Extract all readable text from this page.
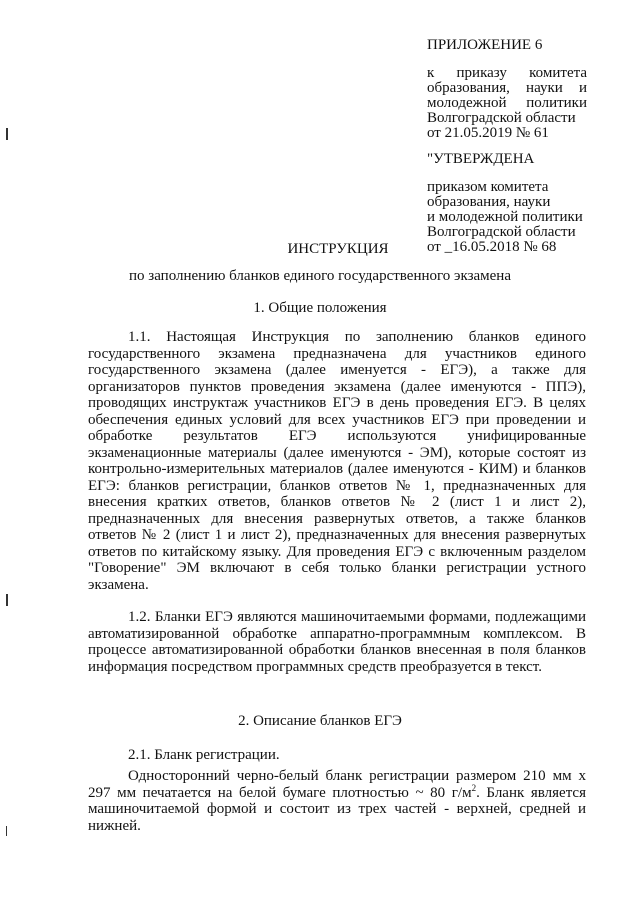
ПРИЛОЖЕНИЕ 6
к приказу комитета
образования, науки и
молодежной политики
Волгоградской области
от 21.05.2019 № 61
"УТВЕРЖДЕНА
приказом комитета
образования, науки
и молодежной политики
Волгоградской области
от _16.05.2018 № 68
ИНСТРУКЦИЯ
по заполнению бланков единого государственного экзамена
1. Общие положения
1.1. Настоящая Инструкция по заполнению бланков единого государственного экзамена предназначена для участников единого государственного экзамена (далее именуется - ЕГЭ), а также для организаторов пунктов проведения экзамена (далее именуются - ППЭ), проводящих инструктаж участников ЕГЭ в день проведения ЕГЭ. В целях обеспечения единых условий для всех участников ЕГЭ при проведении и обработке результатов ЕГЭ используются унифицированные экзаменационные материалы (далее именуются - ЭМ), которые состоят из контрольно-измерительных материалов (далее именуются - КИМ) и бланков ЕГЭ: бланков регистрации, бланков ответов № 1, предназначенных для внесения кратких ответов, бланков ответов № 2 (лист 1 и лист 2), предназначенных для внесения развернутых ответов, а также бланков ответов № 2 (лист 1 и лист 2), предназначенных для внесения развернутых ответов по китайскому языку. Для проведения ЕГЭ с включенным разделом "Говорение" ЭМ включают в себя только бланки регистрации устного экзамена.
1.2. Бланки ЕГЭ являются машиночитаемыми формами, подлежащими автоматизированной обработке аппаратно-программным комплексом. В процессе автоматизированной обработки бланков внесенная в поля бланков информация посредством программных средств преобразуется в текст.
2. Описание бланков ЕГЭ
2.1. Бланк регистрации.
Односторонний черно-белый бланк регистрации размером 210 мм х 297 мм печатается на белой бумаге плотностью ~ 80 $г/м^2$. Бланк является машиночитаемой формой и состоит из трех частей - верхней, средней и нижней.
